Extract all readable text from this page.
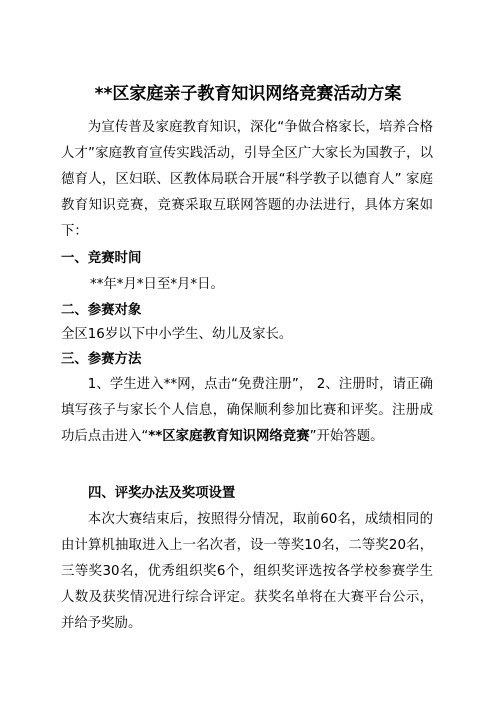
**区家庭亲子教育知识网络竞赛活动方案

为宣传普及家庭教育知识，深化“争做合格家长，培养合格人才”家庭教育宣传实践活动，引导全区广大家长为国教子，以德育人，区妇联、区教体局联合开展“科学教子以德育人” 家庭教育知识竞赛，竞赛采取互联网答题的办法进行，具体方案如下：

一、竞赛时间
**年*月*日至*月*日。
二、参赛对象
全区16岁以下中小学生、幼儿及家长。
三、参赛方法

1、学生进入**网，点击“免费注册”， 2、注册时，请正确填写孩子与家长个人信息，确保顺利参加比赛和评奖。注册成功后点击进入“**区家庭教育知识网络竞赛”开始答题。

四、评奖办法及奖项设置

本次大赛结束后，按照得分情况，取前60名，成绩相同的由计算机抽取进入上一名次者，设一等奖10名，二等奖20名，三等奖30名，优秀组织奖6个，组织奖评选按各学校参赛学生人数及获奖情况进行综合评定。获奖名单将在大赛平台公示，并给予奖励。
